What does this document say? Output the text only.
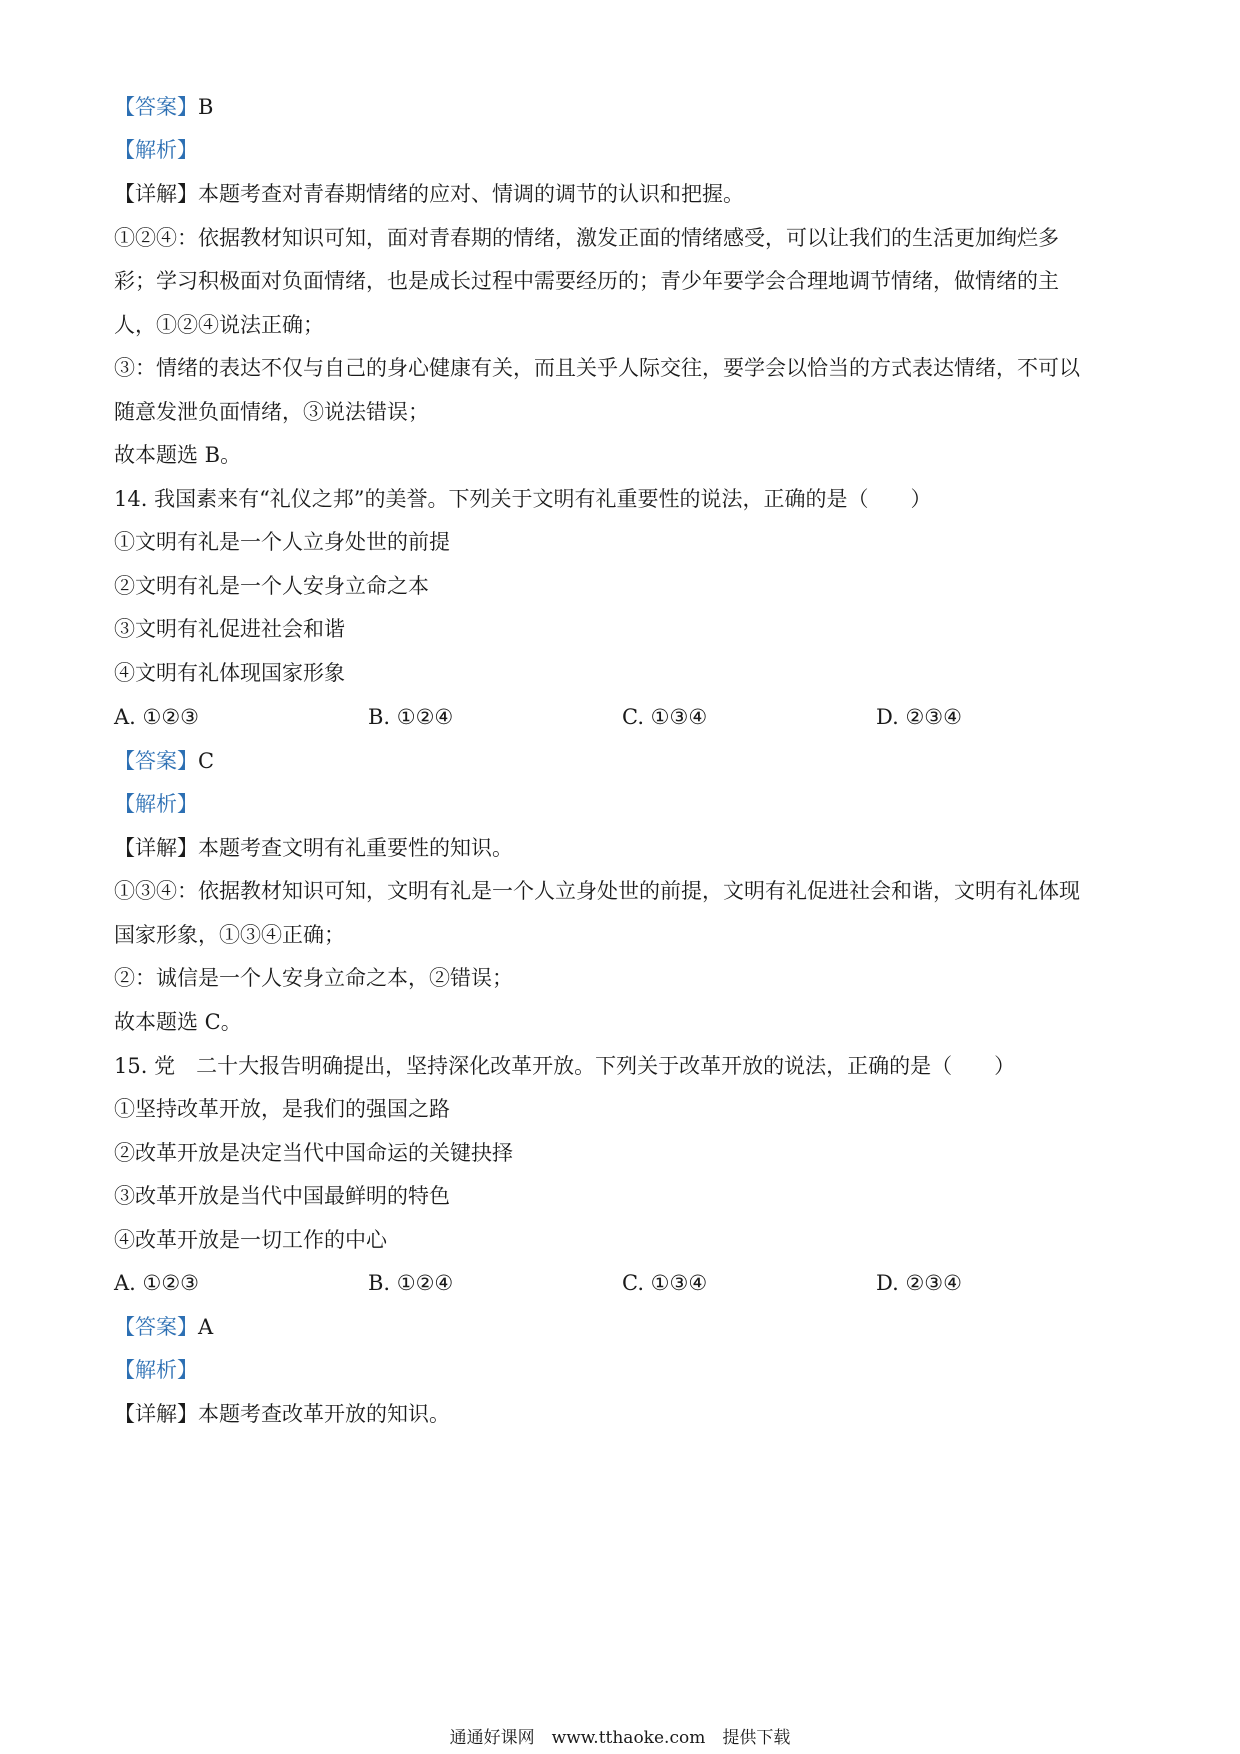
【答案】B
【解析】
【详解】本题考查对青春期情绪的应对、情调的调节的认识和把握。
①②④：依据教材知识可知，面对青春期的情绪，激发正面的情绪感受，可以让我们的生活更加绚烂多
彩；学习积极面对负面情绪，也是成长过程中需要经历的；青少年要学会合理地调节情绪，做情绪的主
人，①②④说法正确；
③：情绪的表达不仅与自己的身心健康有关，而且关乎人际交往，要学会以恰当的方式表达情绪，不可以
随意发泄负面情绪，③说法错误；
故本题选 B。
14. 我国素来有“礼仪之邦”的美誉。下列关于文明有礼重要性的说法，正确的是（　　）
①文明有礼是一个人立身处世的前提
②文明有礼是一个人安身立命之本
③文明有礼促进社会和谐
④文明有礼体现国家形象
A. ①②③	B. ①②④	C. ①③④	D. ②③④
【答案】C
【解析】
【详解】本题考查文明有礼重要性的知识。
①③④：依据教材知识可知，文明有礼是一个人立身处世的前提，文明有礼促进社会和谐，文明有礼体现
国家形象，①③④正确；
②：诚信是一个人安身立命之本，②错误；
故本题选 C。
15. 党　二十大报告明确提出，坚持深化改革开放。下列关于改革开放的说法，正确的是（　　）
①坚持改革开放，是我们的强国之路
②改革开放是决定当代中国命运的关键抉择
③改革开放是当代中国最鲜明的特色
④改革开放是一切工作的中心
A. ①②③	B. ①②④	C. ①③④	D. ②③④
【答案】A
【解析】
【详解】本题考查改革开放的知识。
通通好课网　www.tthaoke.com　提供下载
